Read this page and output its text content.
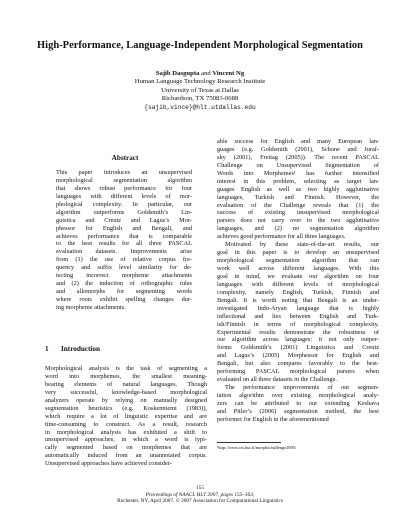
High-Performance, Language-Independent Morphological Segmentation
Sajib Dasgupta and Vincent Ng
Human Language Technology Research Institute
University of Texas at Dallas
Richardson, TX 75083-0688
{sajib,vince}@hlt.utdallas.edu
Abstract
This paper introduces an unsupervised
morphological segmentation algorithm
that shows robust performance for four
languages with different levels of mor-
phological complexity. In particular, our
algorithm outperforms Goldsmith’s Lin-
guistica and Creutz and Lagus’s Mor-
phessor for English and Bengali, and
achieves performance that is comparable
to the best results for all three PASCAL
evaluation datasets. Improvements arise
from (1) the use of relative corpus fre-
quency and suffix level similarity for de-
tecting incorrect morpheme attachments
and (2) the induction of orthographic rules
and allomorphs for segmenting words
where roots exhibit spelling changes dur-
ing morpheme attachments.
1 Introduction
Morphological analysis is the task of segmenting a
word into morphemes, the smallest meaning-
bearing elements of natural languages. Though
very successful, knowledge-based morphological
analyzers operate by relying on manually designed
segmentation heuristics (e.g. Koskenniemi (1983)),
which require a lot of linguistic expertise and are
time-consuming to construct. As a result, research
in morphological analysis has exhibited a shift to
unsupervised approaches, in which a word is typi-
cally segmented based on morphemes that are
automatically induced from an unannotated corpus.
Unsupervised approaches have achieved consider-
able success for English and many European lan-
guages (e.g. Goldsmith (2001), Schone and Juraf-
sky (2001), Freitag (2005)). The recent PASCAL
Challenge on Unsupervised Segmentation of
Words into Morphemes¹ has further intensified
interest in this problem, selecting as target lan-
guages English as well as two highly agglutinative
languages, Turkish and Finnish. However, the
evaluation of the Challenge reveals that (1) the
success of existing unsupervised morphological
parsers does not carry over to the two agglutinative
languages, and (2) no segmentation algorithm
achieves good performance for all three languages.
Motivated by these state-of-the-art results, our
goal in this paper is to develop an unsupervised
morphological segmentation algorithm that can
work well across different languages. With this
goal in mind, we evaluate our algorithm on four
languages with different levels of morphological
complexity, namely English, Turkish, Finnish and
Bengali. It is worth noting that Bengali is an under-
investigated Indo-Aryan language that is highly
inflectional and lies between English and Turk-
ish/Finnish in terms of morphological complexity.
Experimental results demonstrate the robustness of
our algorithm across languages: it not only outper-
forms Goldsmith’s (2001) Linguistica and Creutz
and Lagus’s (2005) Morphessor for English and
Bengali, but also compares favorably to the best-
performing PASCAL morphological parsers when
evaluated on all three datasets in the Challenge.
The performance improvements of our segmen-
tation algorithm over existing morphological analy-
zers can be attributed to our extending Keshava
and Pitler’s (2006) segmentation method, the best
performer for English in the aforementioned
¹http://www.cis.hut.fi/morphochallenge2005/
155
Proceedings of NAACL HLT 2007, pages 155–163,
Rochester, NY, April 2007. © 2007 Association for Computational Linguistics
